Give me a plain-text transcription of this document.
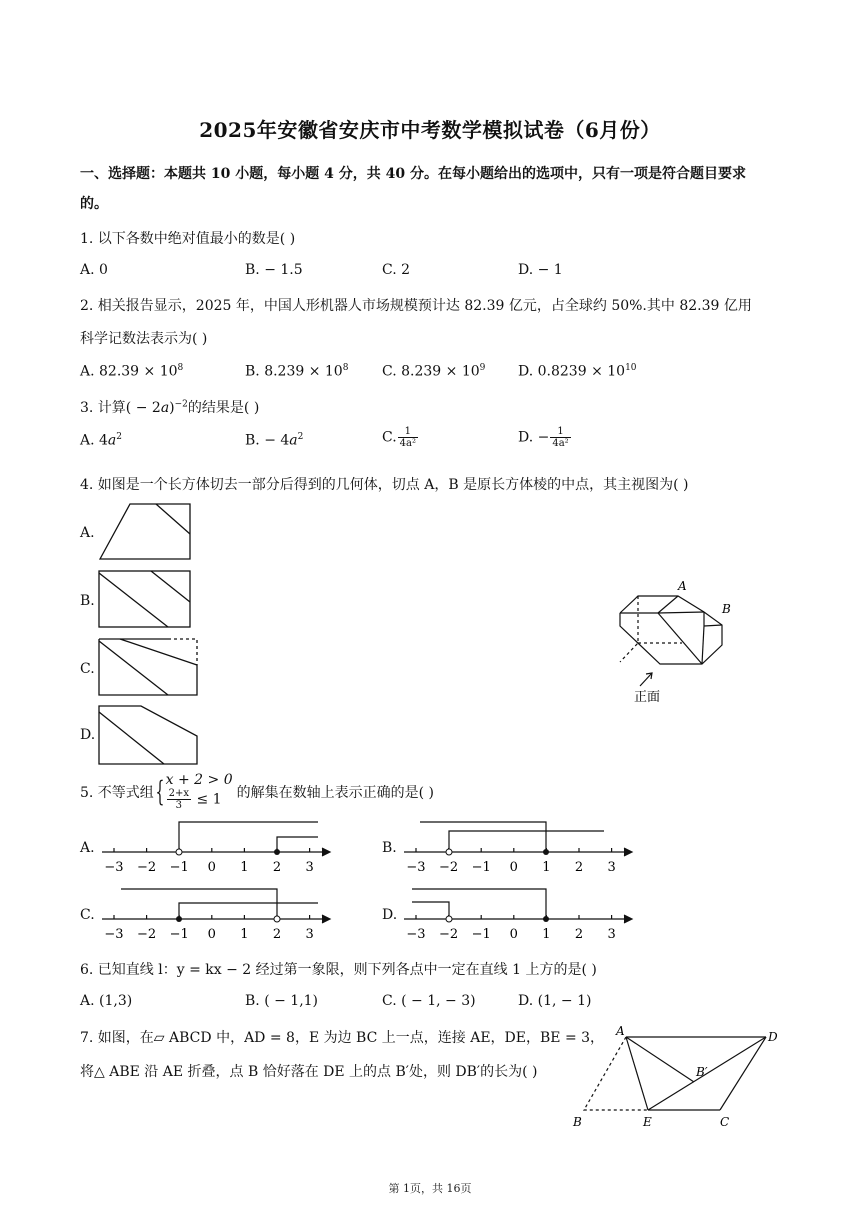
2025年安徽省安庆市中考数学模拟试卷（6月份）
一、选择题：本题共 10 小题，每小题 4 分，共 40 分。在每小题给出的选项中，只有一项是符合题目要求
的。
1. 以下各数中绝对值最小的数是( )
A. 0	B. − 1.5	C. 2	D. − 1
2. 相关报告显示，2025 年，中国人形机器人市场规模预计达 82.39 亿元，占全球约 50%.其中 82.39 亿用
科学记数法表示为( )
A. $82.39 \times 10^8$	B. $8.239 \times 10^8$ C. $8.239 \times 10^9$ D. $0.8239 \times 10^{10}$
3. 计算( − 2a)$^{-2}$的结果是( )
A. $4a^2$	B. − $4a^2$	C. $\frac{1}{\text{4a²}}$	D. − $\frac{1}{\text{4a²}}$
4. 如图是一个长方体切去一部分后得到的几何体，切点 A，B 是原长方体棱的中点，其主视图为( )
A.
B.
C.
D.
A
B
正面
5. 不等式组{x + 2 > 0

$\frac{2+x}{3} \le 1$ 的解集在数轴上表示正确的是( )
A.	B.
C.	D.
−3 −2 −1 0 1 2 3	−3 −2 −1 0 1 2 3
−3 −2 −1 0 1 2 3	−3 −2 −1 0 1 2 3
6. 已知直线 l：y = kx − 2 经过第一象限，则下列各点中一定在直线 1 上方的是( )
A. (1,3)	B. ( − 1,1)	C. ( − 1, − 3)	D. (1, − 1)
7. 如图，在▱ ABCD 中，AD = 8，E 为边 BC 上一点，连接 AE，DE，BE = 3，
将△ ABE 沿 AE 折叠，点 B 恰好落在 DE 上的点 B′处，则 DB′的长为( )
A	D
B′
B	E	C
第 1页，共 16页
